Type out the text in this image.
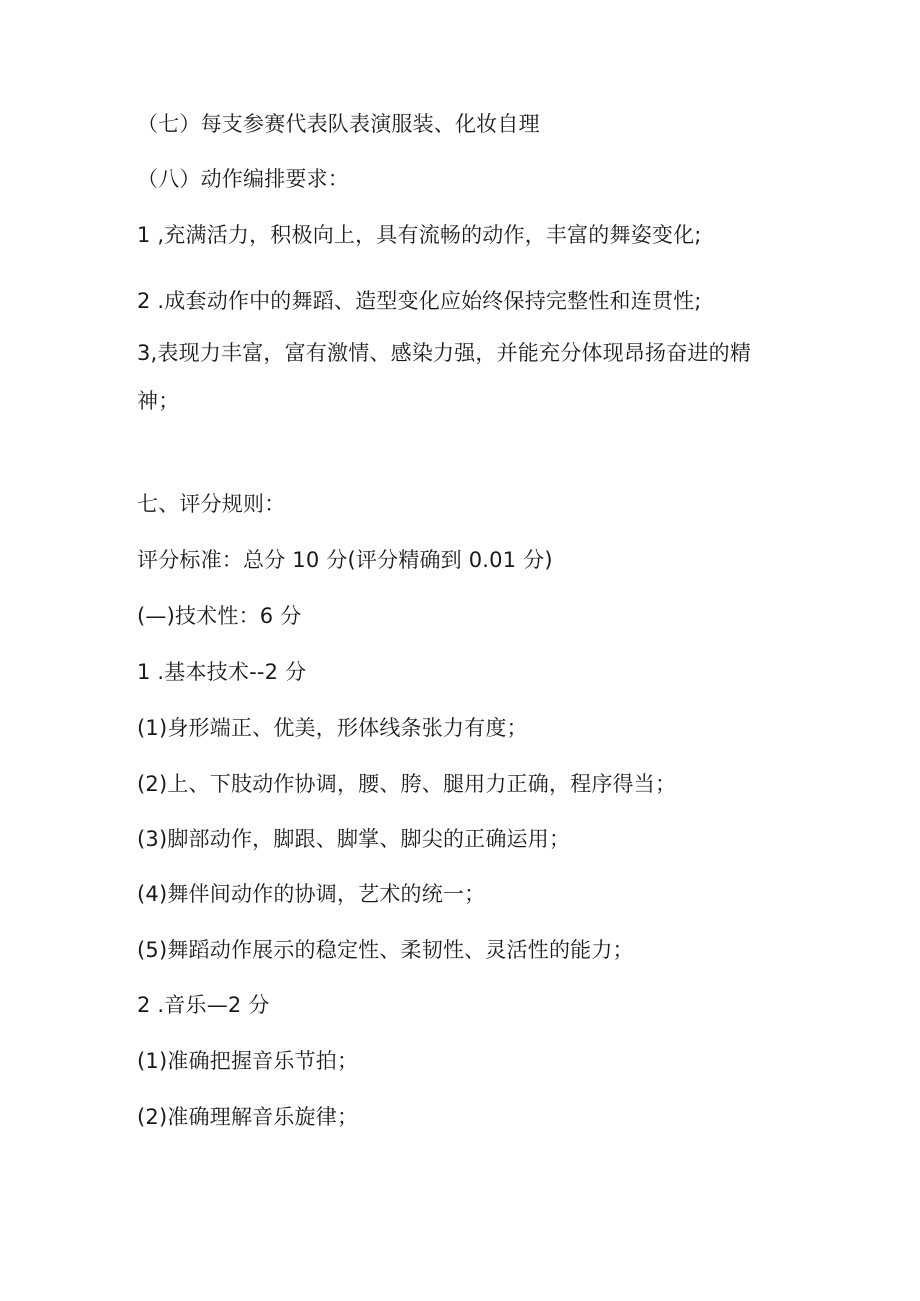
（七）每支参赛代表队表演服装、化妆自理
（八）动作编排要求：
1 ,充满活力，积极向上，具有流畅的动作，丰富的舞姿变化;
2 .成套动作中的舞蹈、造型变化应始终保持完整性和连贯性;
3,表现力丰富，富有激情、感染力强，并能充分体现昂扬奋进的精
神；
七、评分规则：
评分标准：总分 10 分(评分精确到 0.01 分)
(—)技术性：6 分
1 .基本技术--2 分
(1)身形端正、优美，形体线条张力有度；
(2)上、下肢动作协调，腰、胯、腿用力正确，程序得当；
(3)脚部动作，脚跟、脚掌、脚尖的正确运用；
(4)舞伴间动作的协调，艺术的统一；
(5)舞蹈动作展示的稳定性、柔韧性、灵活性的能力；
2 .音乐—2 分
(1)准确把握音乐节拍；
(2)准确理解音乐旋律；
